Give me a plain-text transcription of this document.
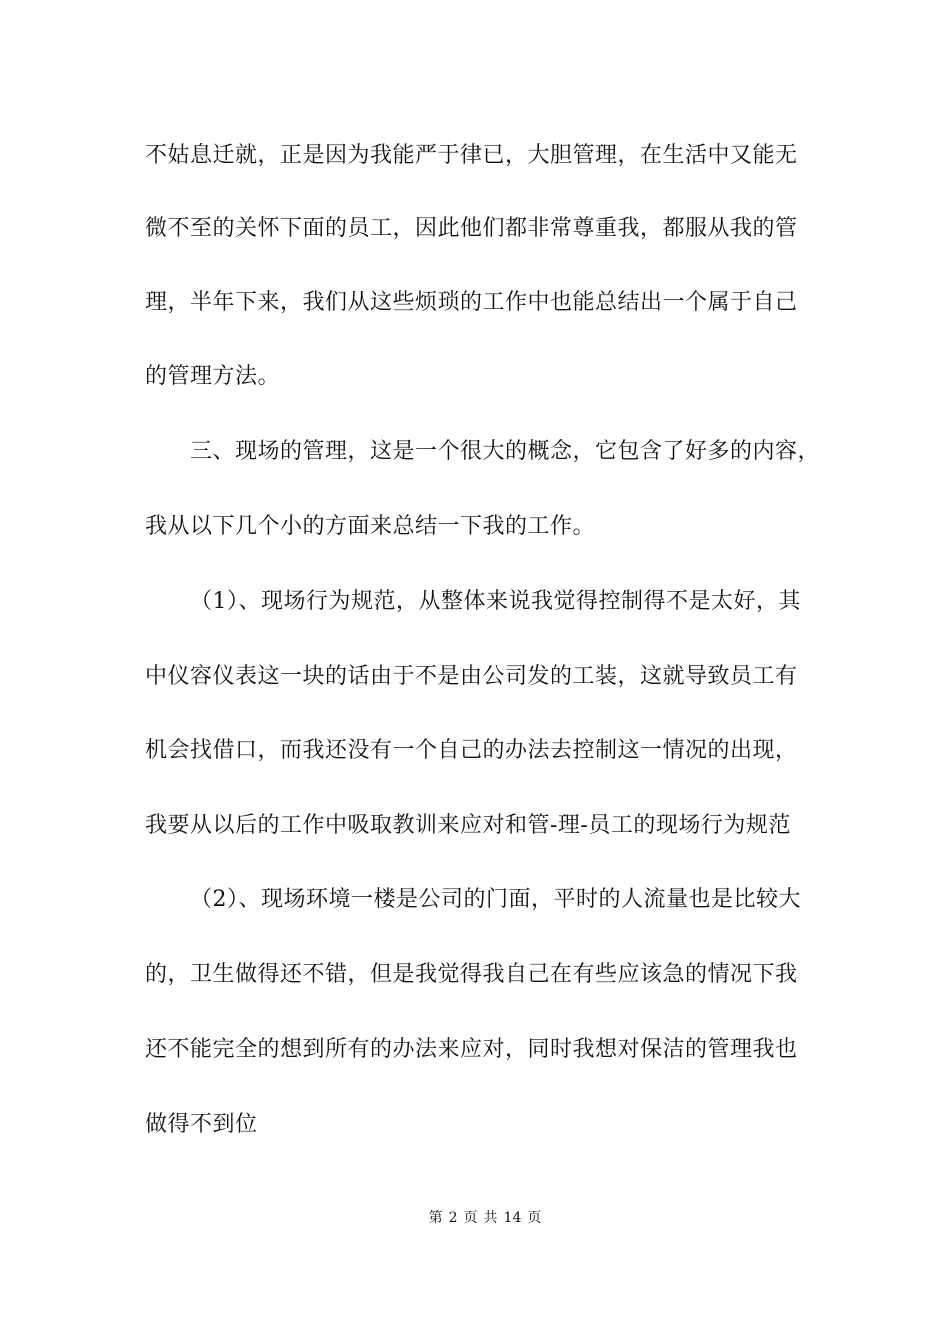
不姑息迁就，正是因为我能严于律已，大胆管理，在生活中又能无
微不至的关怀下面的员工，因此他们都非常尊重我，都服从我的管
理，半年下来，我们从这些烦琐的工作中也能总结出一个属于自己
的管理方法。
三、现场的管理，这是一个很大的概念，它包含了好多的内容，
我从以下几个小的方面来总结一下我的工作。
（1）、现场行为规范，从整体来说我觉得控制得不是太好，其
中仪容仪表这一块的话由于不是由公司发的工装，这就导致员工有
机会找借口，而我还没有一个自己的办法去控制这一情况的出现，
我要从以后的工作中吸取教训来应对和管-理-员工的现场行为规范
（2）、现场环境一楼是公司的门面，平时的人流量也是比较大
的，卫生做得还不错，但是我觉得我自己在有些应该急的情况下我
还不能完全的想到所有的办法来应对，同时我想对保洁的管理我也
做得不到位
第 2 页 共 14 页
